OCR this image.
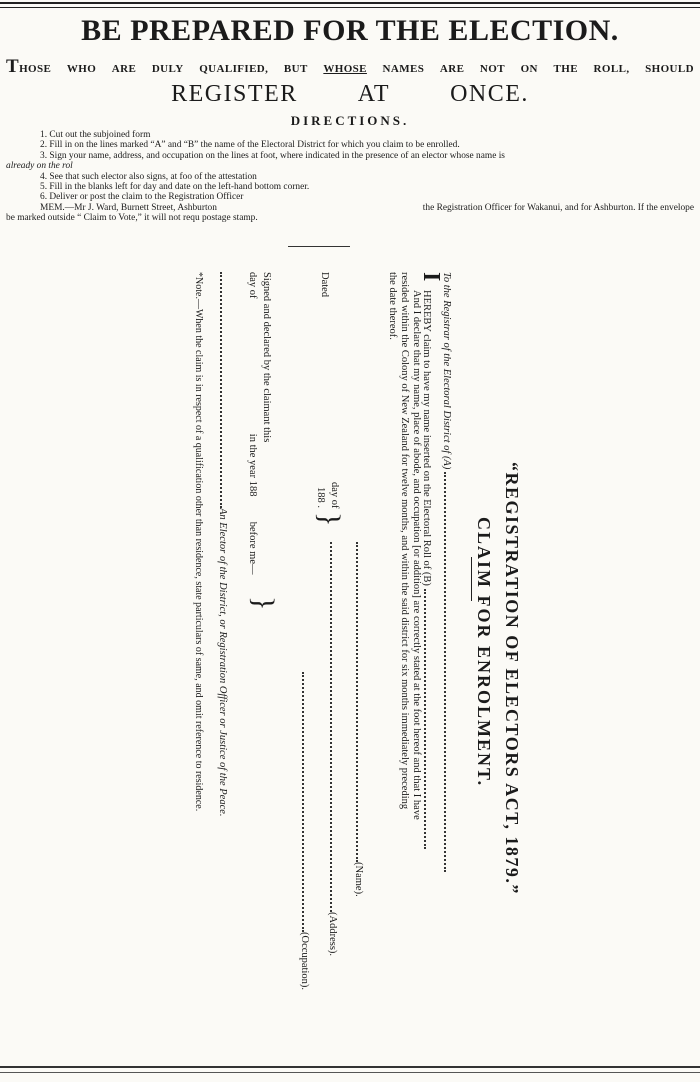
BE PREPARED FOR THE ELECTION.
THOSE WHO ARE DULY QUALIFIED, BUT WHOSE NAMES ARE NOT ON THE ROLL, SHOULD
REGISTER	AT	ONCE.
DIRECTIONS.
1. Cut out the subjoined form
2. Fill in on the lines marked “A” and “B” the name of the Electoral District for which you claim to be enrolled.
3. Sign your name, address, and occupation on the lines at foot, where indicated in the presence of an elector whose name is
already on the rol
4. See that such elector also signs, at foo of the attestation
5. Fill in the blanks left for day and date on the left-hand bottom corner.
6. Deliver or post the claim to the Registration Officer
MEM.—Mr J. Ward, Burnett Street, Ashburton	the Registration Officer for Wakanui, and for Ashburton. If the envelope
be marked outside “ Claim to Vote,” it will not requ postage stamp.
“REGISTRATION OF ELECTORS ACT, 1879.”
CLAIM FOR ENROLMENT.
To the Registrar of the Electoral District of (A)
I
HEREBY claim to have my name inserted on the Electoral Roll of (B)
And I declare that my name, place of abode, and occupation [or addition] are correctly stated at the foot hereof and that I have
resided within the Colony of New Zealand for twelve months, and within the said district for six months immediately preceding
the date thereof.
Dated
day of
188 .
}
(Name).
(Address).
(Occupation).
Signed and declared by the claimant this
day of  in the year 188  before me—
}
An Elector of the District, or Registration Officer or Justice of the Peace.
*Note.—When the claim is in respect of a qualification other than residence, state particulars of same, and omit reference to residence.
